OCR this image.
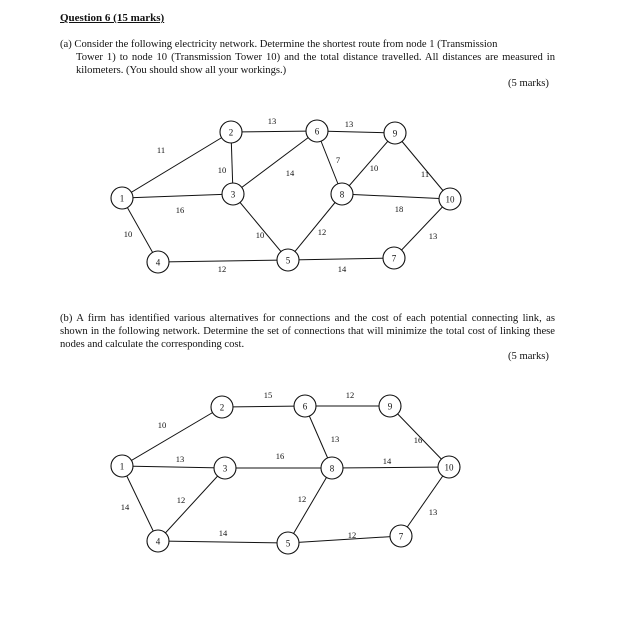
Question 6 (15 marks)
(a) Consider the following electricity network. Determine the shortest route from node 1 (Transmission
Tower 1) to node 10 (Transmission Tower 10) and the total distance travelled. All distances are measured in kilometers. (You should show all your workings.)
(5 marks)
(b) A firm has identified various alternatives for connections and the cost of each potential connecting link, as shown in the following network. Determine the set of connections that will minimize the total cost of linking these nodes and calculate the corresponding cost.
(5 marks)
11
16
10
10
13
14
10
12
13
7
10
12
18
11
14
13
1
2
3
4	5
6
7
8
9
10
10
13
14
15
12
16
14
12
13
12
14
16
12
13
1
2
3
4	5
6
7
8
9
10
